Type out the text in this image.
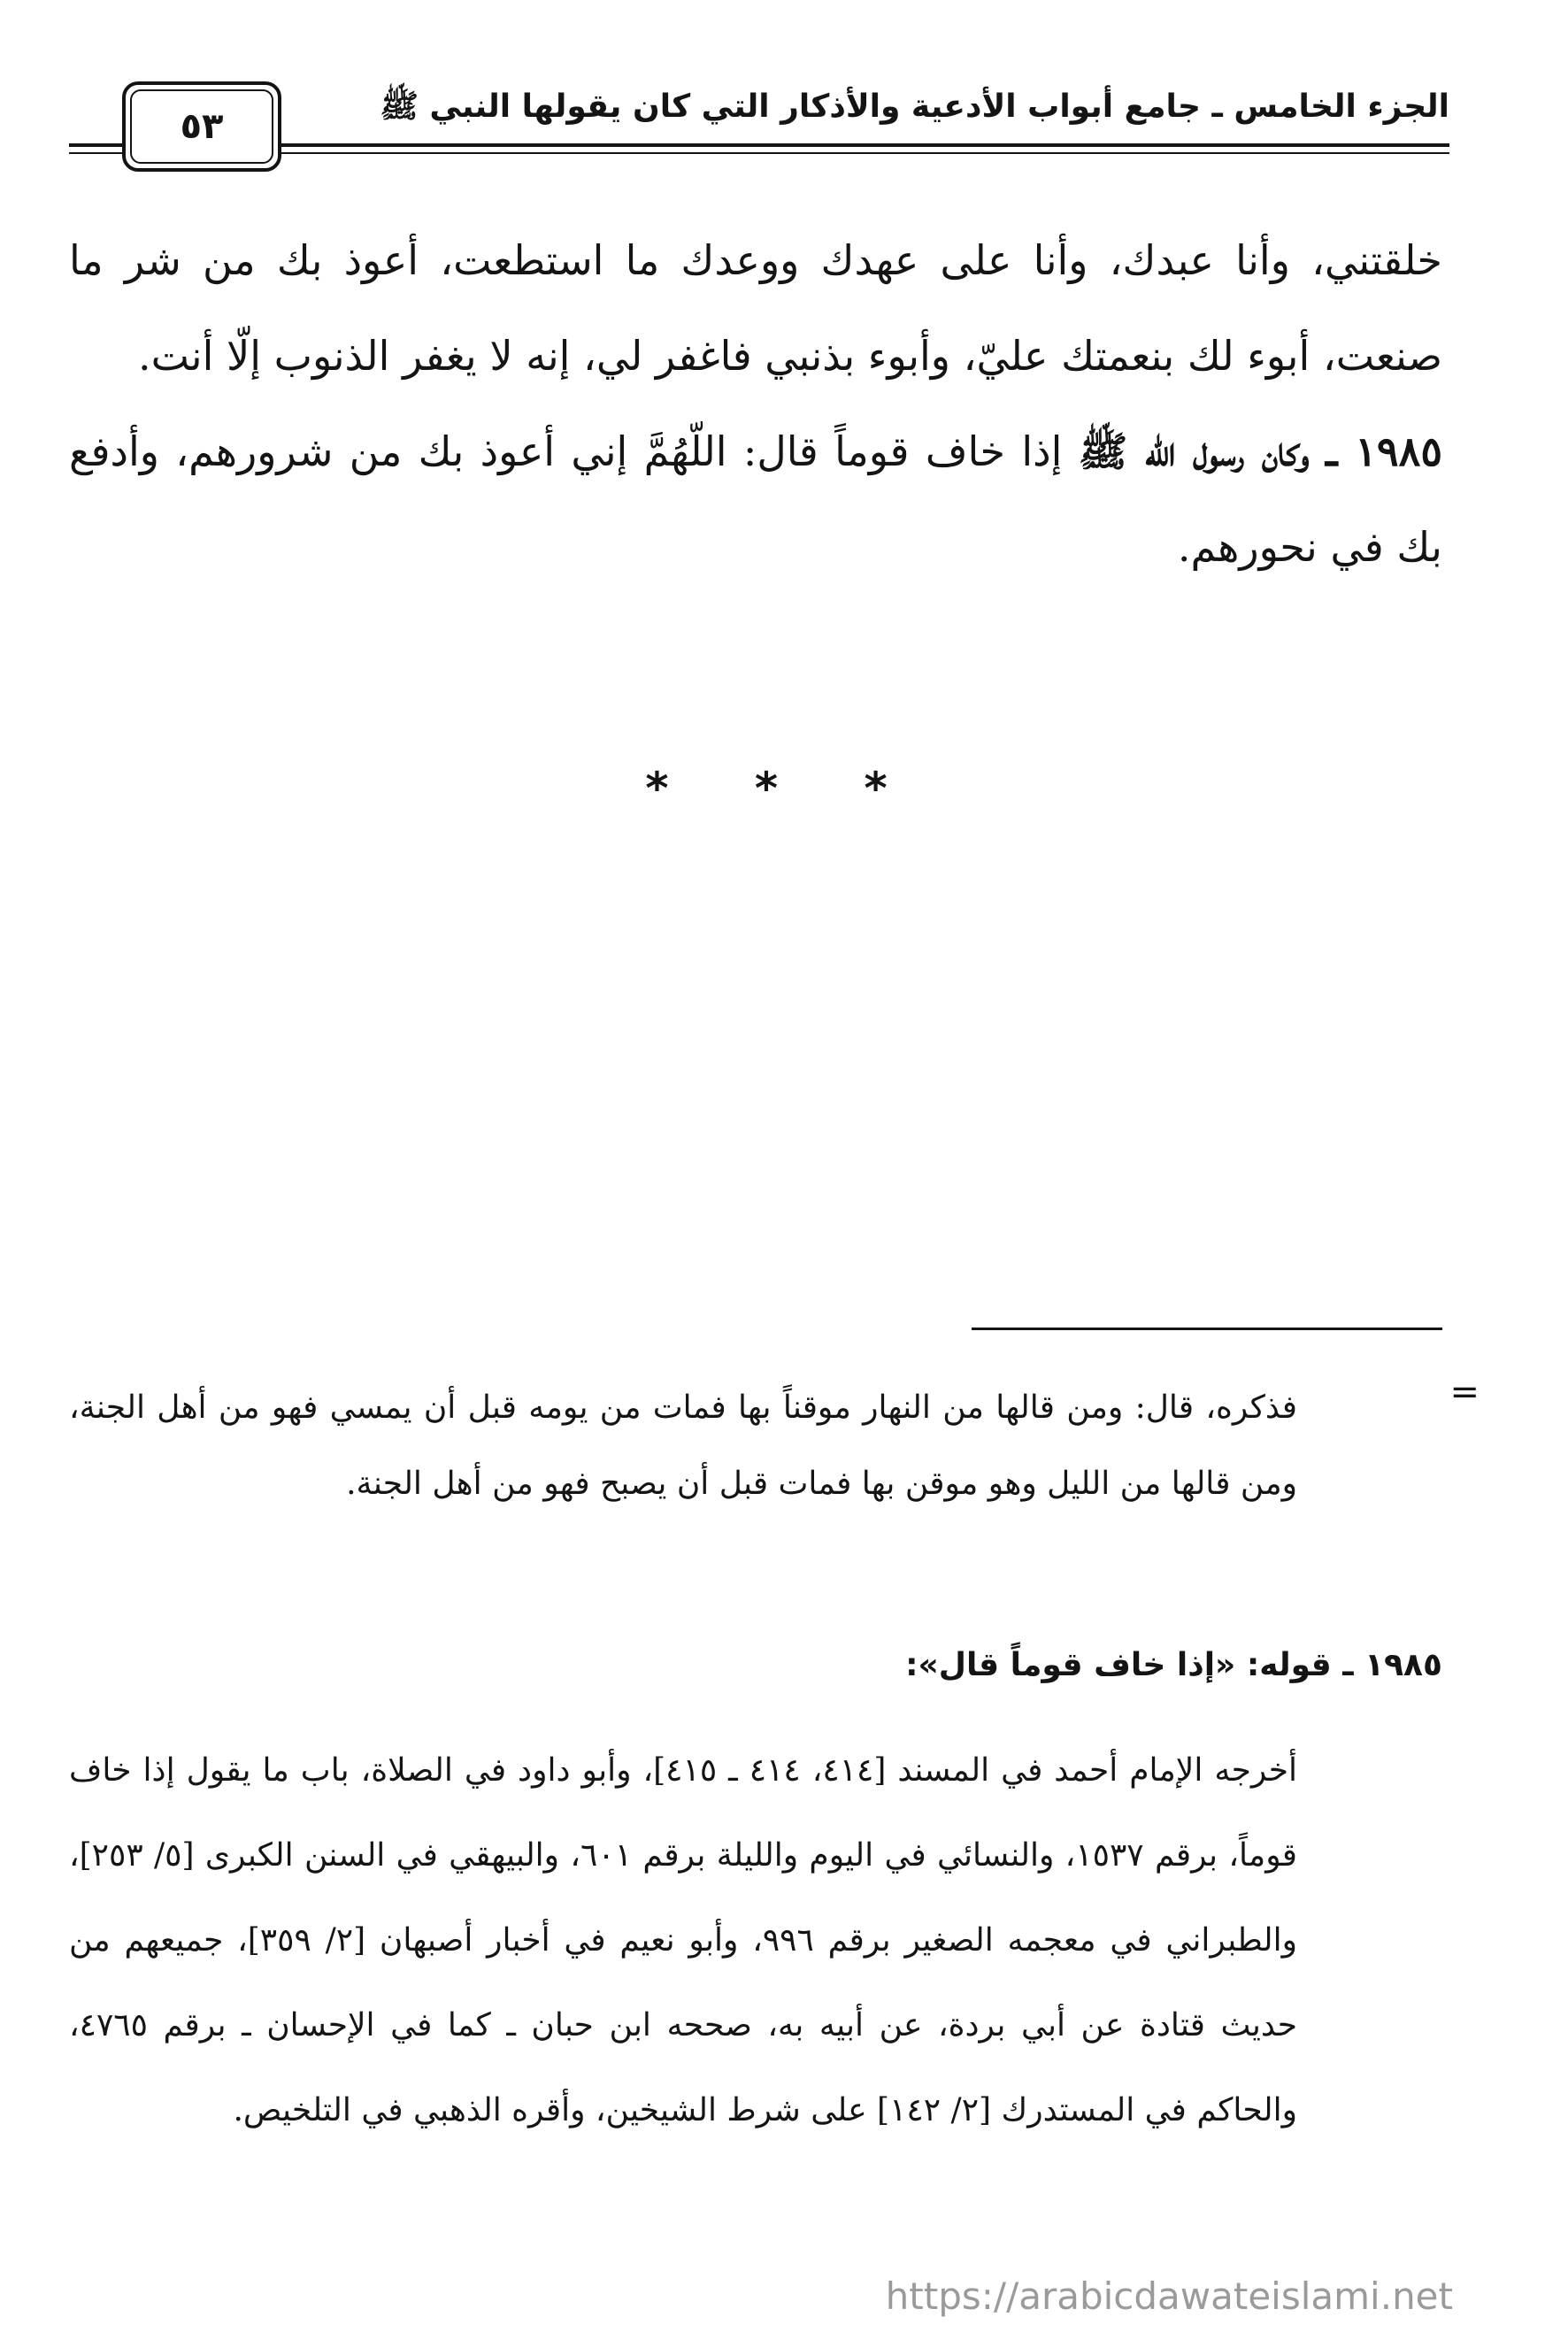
الجزء الخامس ـ جامع أبواب الأدعية والأذكار التي كان يقولها النبي ﷺ
٥٣

خلقتني، وأنا عبدك، وأنا على عهدك ووعدك ما استطعت، أعوذ بك من شر ما صنعت، أبوء لك بنعمتك عليّ، وأبوء بذنبي فاغفر لي، إنه لا يغفر الذنوب إلّا أنت.

١٩٨٥ ـ وكان رسول الله ﷺ إذا خاف قوماً قال: اللّهُمَّ إني أعوذ بك من شرورهم، وأدفع بك في نحورهم.

* * *
=

فذكره، قال: ومن قالها من النهار موقناً بها فمات من يومه قبل أن يمسي فهو من أهل الجنة، ومن قالها من الليل وهو موقن بها فمات قبل أن يصبح فهو من أهل الجنة.

١٩٨٥ ـ قوله: «إذا خاف قوماً قال»:

أخرجه الإمام أحمد في المسند [٤١٤، ٤١٤ ـ ٤١٥]، وأبو داود في الصلاة، باب ما يقول إذا خاف قوماً، برقم ١٥٣٧، والنسائي في اليوم والليلة برقم ٦٠١، والبيهقي في السنن الكبرى [٥/ ٢٥٣]، والطبراني في معجمه الصغير برقم ٩٩٦، وأبو نعيم في أخبار أصبهان [٢/ ٣٥٩]، جميعهم من حديث قتادة عن أبي بردة، عن أبيه به، صححه ابن حبان ـ كما في الإحسان ـ برقم ٤٧٦٥، والحاكم في المستدرك [٢/ ١٤٢] على شرط الشيخين، وأقره الذهبي في التلخيص.

https://arabicdawateislami.net
